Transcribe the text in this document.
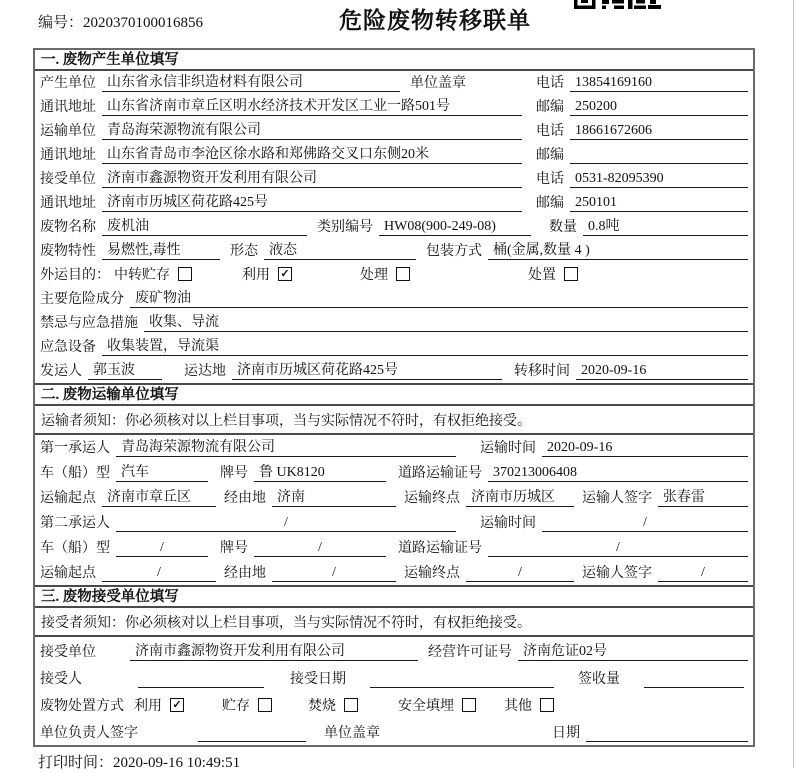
编号：2020370100016856	危险废物转移联单
一. 废物产生单位填写
产生单位 山东省永信非织造材料有限公司	单位盖章	电话 13854169160
通讯地址 山东省济南市章丘区明水经济技术开发区工业一路501号	邮编 250200
运输单位 青岛海荣源物流有限公司	电话 18661672606
通讯地址 山东省青岛市李沧区徐水路和郑佛路交叉口东侧20米	邮编
接受单位 济南市鑫源物资开发利用有限公司	电话 0531-82095390
通讯地址 济南市历城区荷花路425号	邮编 250101
废物名称 废机油	类别编号 HW08(900-249-08)	数量 0.8吨
废物特性 易燃性,毒性	形态 液态	包装方式 桶(金属,数量 4 )
外运目的： 中转贮存	利用 ✓	处理	处置
主要危险成分 废矿物油
禁忌与应急措施 收集、导流
应急设备 收集装置，导流渠
发运人 郭玉波	运达地 济南市历城区荷花路425号	转移时间 2020-09-16
二. 废物运输单位填写
运输者须知： 你必须核对以上栏目事项，当与实际情况不符时，有权拒绝接受。
第一承运人 青岛海荣源物流有限公司	运输时间 2020-09-16
车（船）型 汽车	牌号 鲁 UK8120	道路运输证号 370213006408
运输起点 济南市章丘区	经由地 济南	运输终点 济南市历城区	运输人签字 张春雷
第二承运人	/	运输时间	/
车（船）型	/	牌号	/	道路运输证号	/
运输起点	/	经由地	/	运输终点	/	运输人签字	/
三. 废物接受单位填写
接受者须知： 你必须核对以上栏目事项，当与实际情况不符时，有权拒绝接受。
接受单位	济南市鑫源物资开发利用有限公司	经营许可证号 济南危证02号
接受人	接受日期	签收量
废物处置方式 利用 ✓	贮存	焚烧	安全填埋	其他
单位负责人签字	单位盖章	日期
打印时间：2020-09-16 10:49:51
